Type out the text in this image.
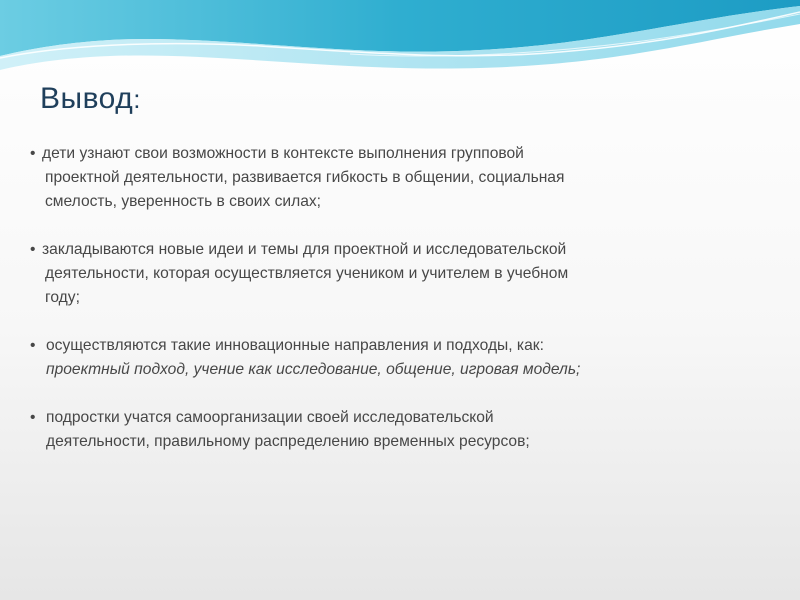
Вывод:
• дети узнают свои возможности в контексте выполнения групповой
проектной деятельности, развивается гибкость в общении, социальная
смелость, уверенность в своих силах;
• закладываются новые идеи и темы для проектной и исследовательской
деятельности, которая осуществляется учеником и учителем в учебном
году;
• осуществляются такие инновационные направления и подходы, как:
проектный подход, учение как исследование, общение, игровая модель;
• подростки учатся самоорганизации своей исследовательской
деятельности, правильному распределению временных ресурсов;
